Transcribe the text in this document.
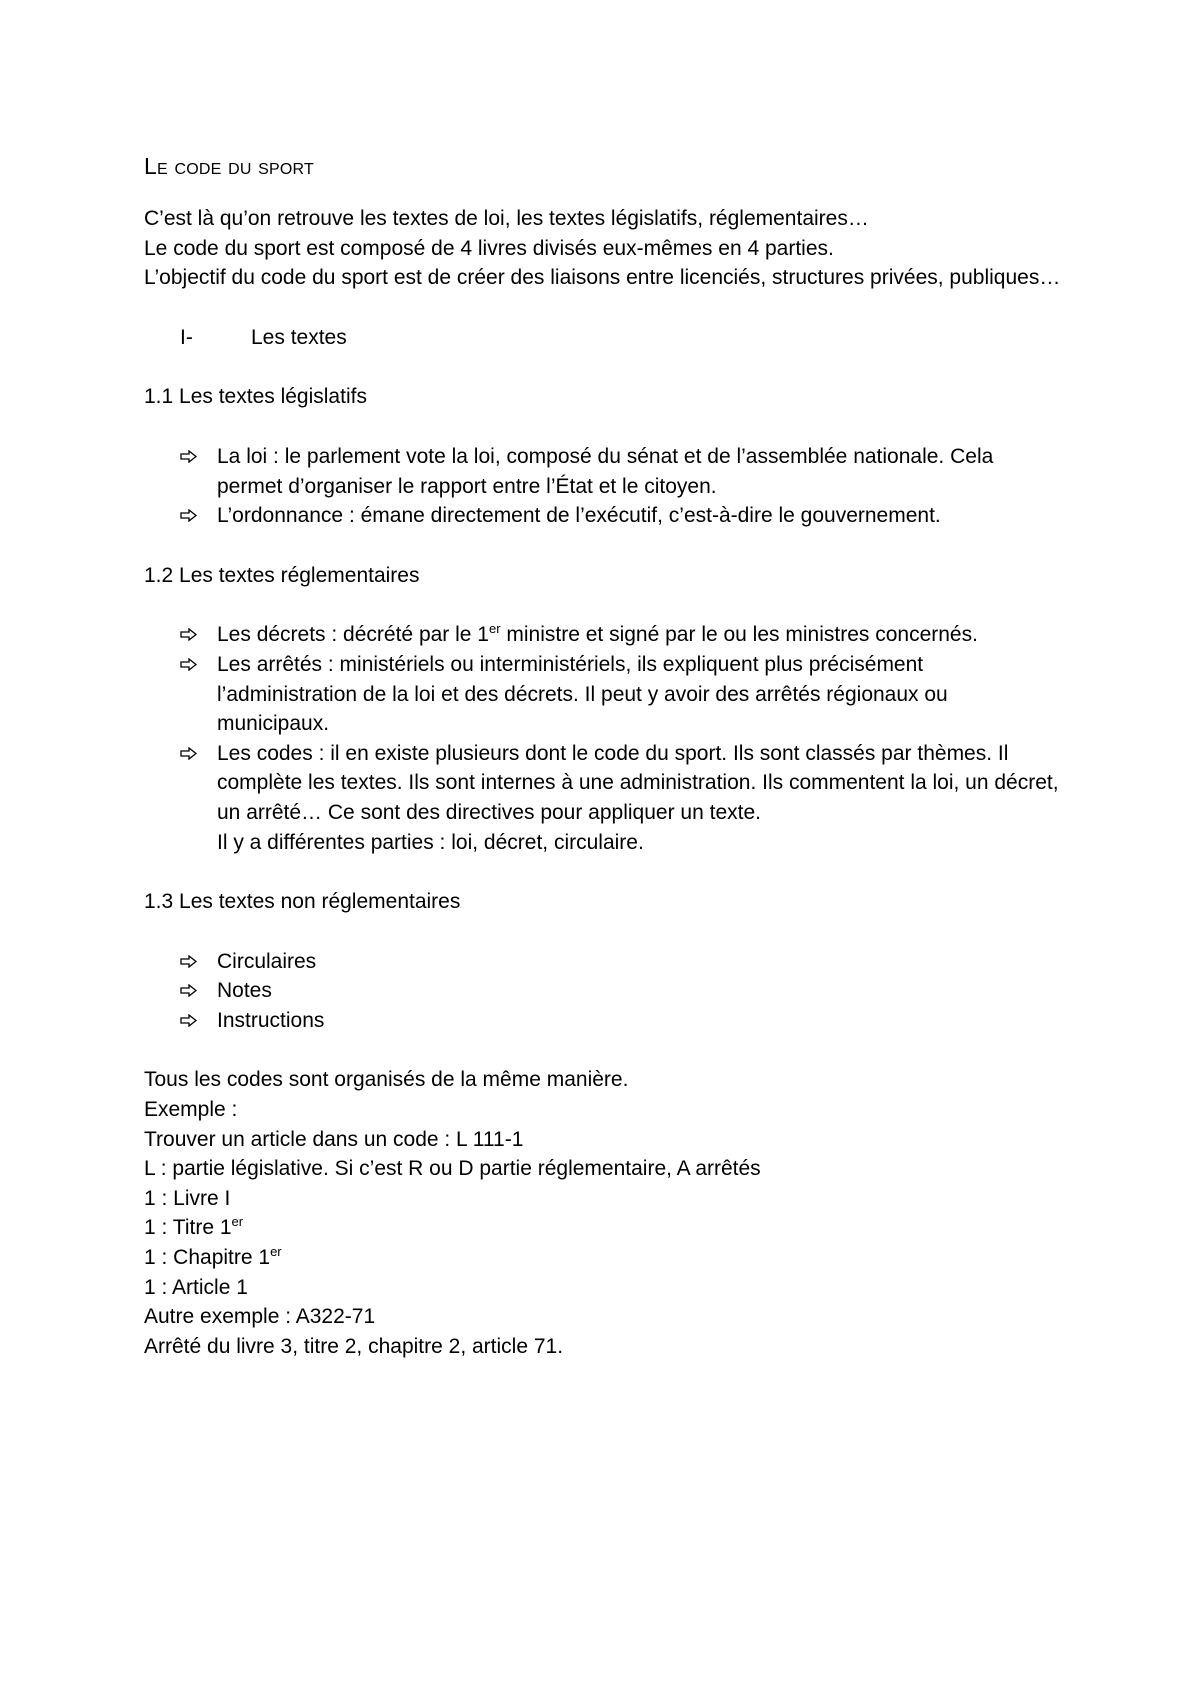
Le code du sport

C’est là qu’on retrouve les textes de loi, les textes législatifs, réglementaires…

Le code du sport est composé de 4 livres divisés eux-mêmes en 4 parties.

L’objectif du code du sport est de créer des liaisons entre licenciés, structures privées, publiques…

I-	Les textes
1.1 Les textes législatifs
La loi : le parlement vote la loi, composé du sénat et de l’assemblée nationale. Cela permet d’organiser le rapport entre l’État et le citoyen.
L’ordonnance : émane directement de l’exécutif, c’est-à-dire le gouvernement.
1.2 Les textes réglementaires
Les décrets : décrété par le 1er ministre et signé par le ou les ministres concernés.
Les arrêtés : ministériels ou interministériels, ils expliquent plus précisément l’administration de la loi et des décrets. Il peut y avoir des arrêtés régionaux ou municipaux.
Les codes : il en existe plusieurs dont le code du sport. Ils sont classés par thèmes. Il complète les textes. Ils sont internes à une administration. Ils commentent la loi, un décret, un arrêté… Ce sont des directives pour appliquer un texte.
Il y a différentes parties : loi, décret, circulaire.
1.3 Les textes non réglementaires
Circulaires
Notes
Instructions

Tous les codes sont organisés de la même manière.

Exemple :

Trouver un article dans un code : L 111-1

L : partie législative. Si c’est R ou D partie réglementaire, A arrêtés

1 : Livre I

1 : Titre 1er

1 : Chapitre 1er

1 : Article 1

Autre exemple : A322-71

Arrêté du livre 3, titre 2, chapitre 2, article 71.
